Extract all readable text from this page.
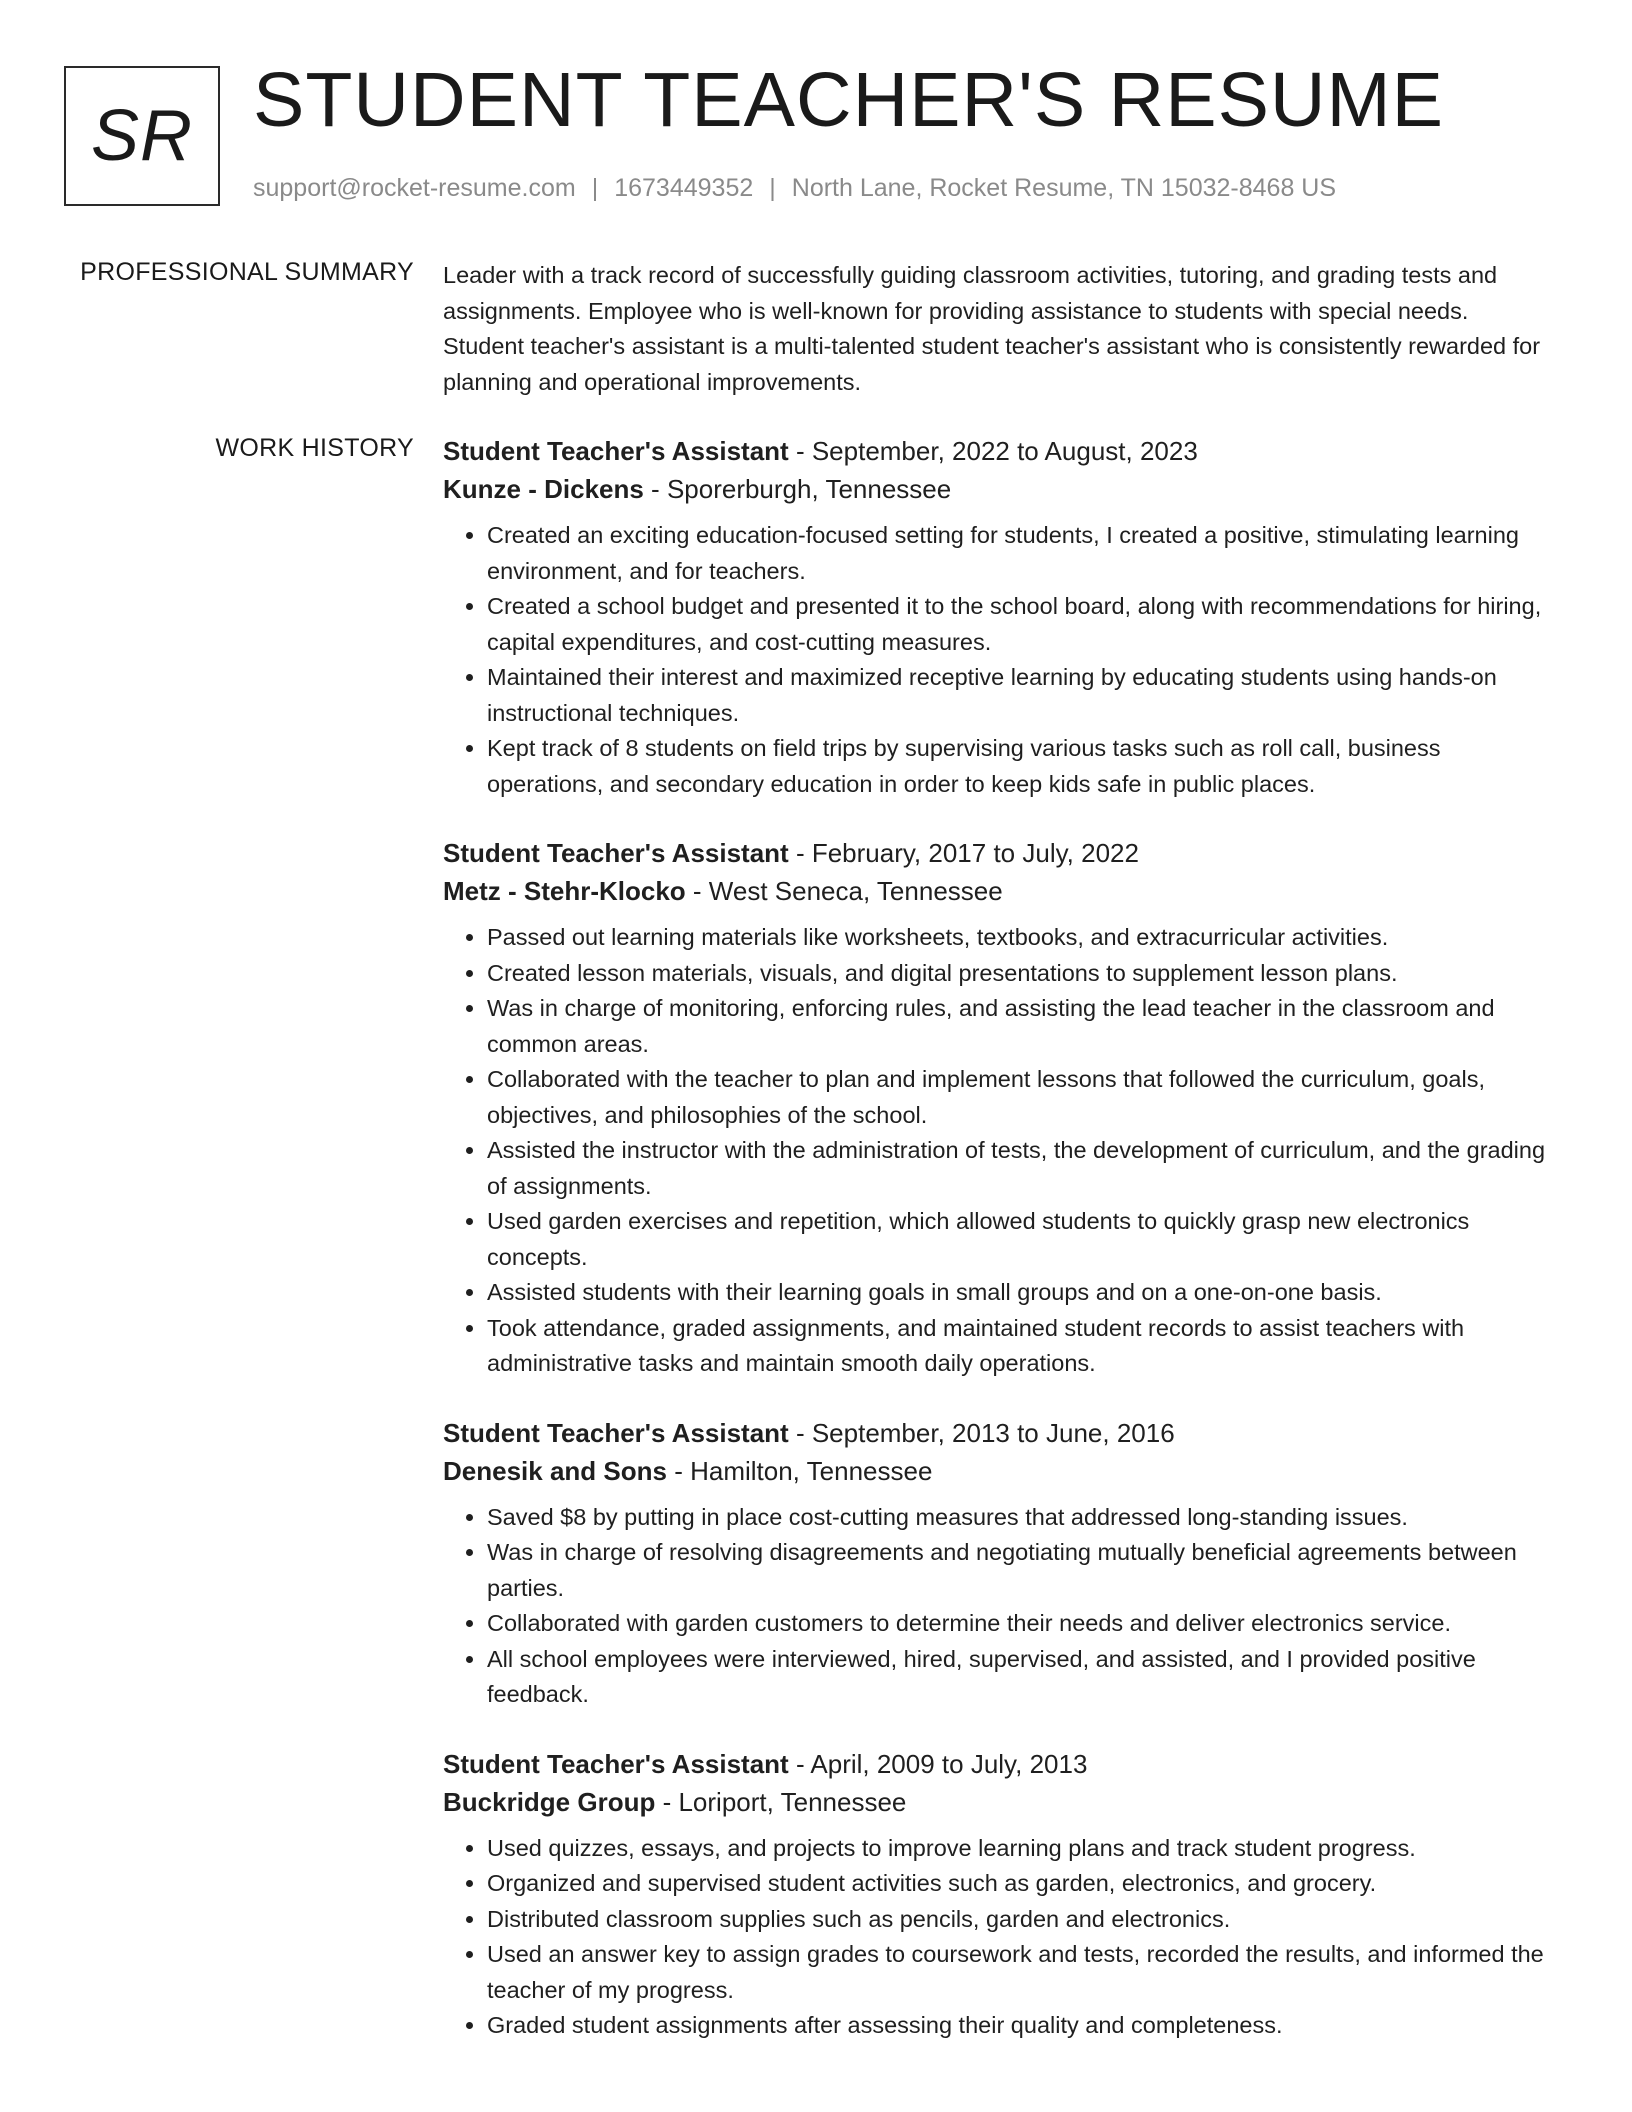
SR STUDENT TEACHER'S RESUME
support@rocket-resume.com | 1673449352 | North Lane, Rocket Resume, TN 15032-8468 US
PROFESSIONAL SUMMARY Leader with a track record of successfully guiding classroom activities, tutoring, and grading tests and assignments. Employee who is well-known for providing assistance to students with special needs. Student teacher's assistant is a multi-talented student teacher's assistant who is consistently rewarded for planning and operational improvements.
WORK HISTORY Student Teacher's Assistant - September, 2022 to August, 2023
Kunze - Dickens - Sporerburgh, Tennessee
• Created an exciting education-focused setting for students, I created a positive, stimulating learning environment, and for teachers.
• Created a school budget and presented it to the school board, along with recommendations for hiring, capital expenditures, and cost-cutting measures.
• Maintained their interest and maximized receptive learning by educating students using hands-on instructional techniques.
• Kept track of 8 students on field trips by supervising various tasks such as roll call, business operations, and secondary education in order to keep kids safe in public places.
Student Teacher's Assistant - February, 2017 to July, 2022
Metz - Stehr-Klocko - West Seneca, Tennessee
• Passed out learning materials like worksheets, textbooks, and extracurricular activities.
• Created lesson materials, visuals, and digital presentations to supplement lesson plans.
• Was in charge of monitoring, enforcing rules, and assisting the lead teacher in the classroom and common areas.
• Collaborated with the teacher to plan and implement lessons that followed the curriculum, goals, objectives, and philosophies of the school.
• Assisted the instructor with the administration of tests, the development of curriculum, and the grading of assignments.
• Used garden exercises and repetition, which allowed students to quickly grasp new electronics concepts.
• Assisted students with their learning goals in small groups and on a one-on-one basis.
• Took attendance, graded assignments, and maintained student records to assist teachers with administrative tasks and maintain smooth daily operations.
Student Teacher's Assistant - September, 2013 to June, 2016
Denesik and Sons - Hamilton, Tennessee
• Saved $8 by putting in place cost-cutting measures that addressed long-standing issues.
• Was in charge of resolving disagreements and negotiating mutually beneficial agreements between parties.
• Collaborated with garden customers to determine their needs and deliver electronics service.
• All school employees were interviewed, hired, supervised, and assisted, and I provided positive feedback.
Student Teacher's Assistant - April, 2009 to July, 2013
Buckridge Group - Loriport, Tennessee
• Used quizzes, essays, and projects to improve learning plans and track student progress.
• Organized and supervised student activities such as garden, electronics, and grocery.
• Distributed classroom supplies such as pencils, garden and electronics.
• Used an answer key to assign grades to coursework and tests, recorded the results, and informed the teacher of my progress.
• Graded student assignments after assessing their quality and completeness.
